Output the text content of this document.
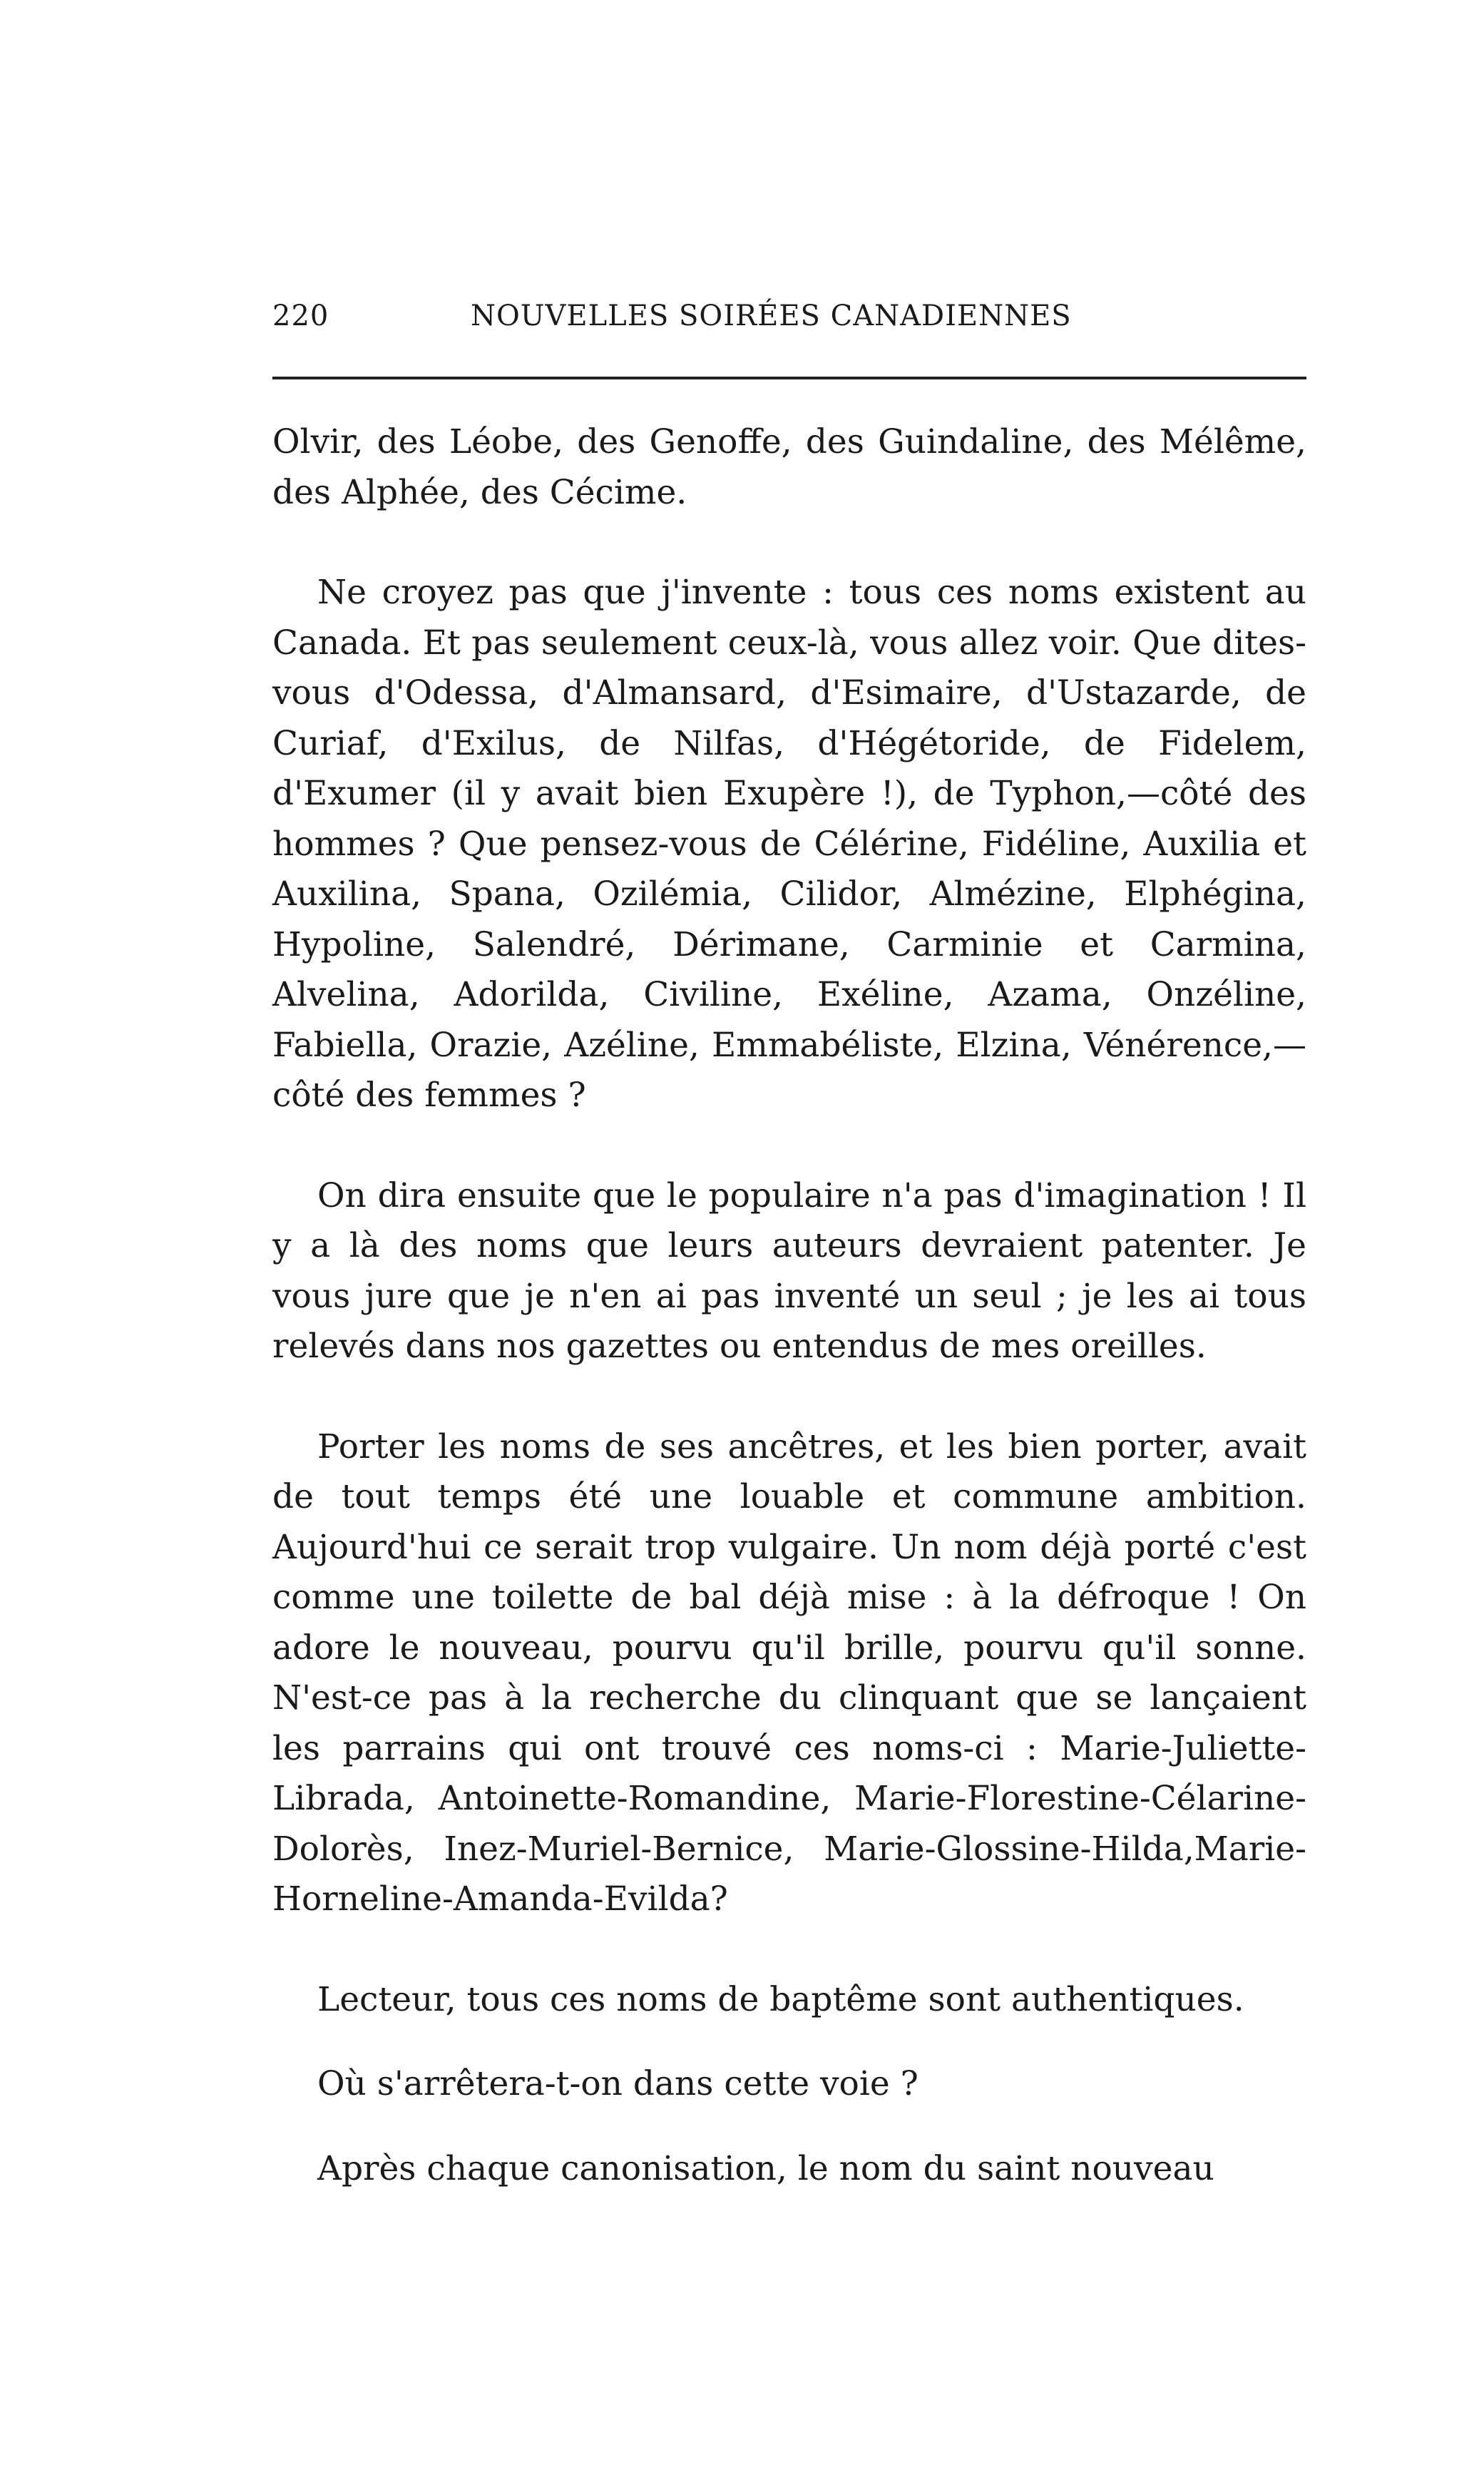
220	NOUVELLES SOIRÉES CANADIENNES

Olvir, des Léobe, des Genoffe, des Guindaline, des Mélême, des Alphée, des Cécime.

Ne croyez pas que j'invente : tous ces noms existent au Canada. Et pas seulement ceux-là, vous allez voir. Que dites-vous d'Odessa, d'Almansard, d'Esimaire, d'Ustazarde, de Curiaf, d'Exilus, de Nilfas, d'Hégétoride, de Fidelem, d'Exumer (il y avait bien Exupère !), de Typhon,—côté des hommes ? Que pensez-vous de Célérine, Fidéline, Auxilia et Auxilina, Spana, Ozilémia, Cilidor, Almézine, Elphégina, Hypoline, Salendré, Dérimane, Carminie et Carmina, Alvelina, Adorilda, Civiline, Exéline, Azama, Onzéline, Fabiella, Orazie, Azéline, Emmabéliste, Elzina, Vénérence,—côté des femmes ?

On dira ensuite que le populaire n'a pas d'imagination ! Il y a là des noms que leurs auteurs devraient patenter. Je vous jure que je n'en ai pas inventé un seul ; je les ai tous relevés dans nos gazettes ou entendus de mes oreilles.

Porter les noms de ses ancêtres, et les bien porter, avait de tout temps été une louable et commune ambition. Aujourd'hui ce serait trop vulgaire. Un nom déjà porté c'est comme une toilette de bal déjà mise : à la défroque ! On adore le nouveau, pourvu qu'il brille, pourvu qu'il sonne. N'est-ce pas à la recherche du clinquant que se lançaient les parrains qui ont trouvé ces noms-ci : Marie-Juliette-Librada, Antoinette-Romandine, Marie-Florestine-Célarine-Dolorès, Inez-Muriel-Bernice, Marie-Glossine-Hilda,Marie-Horneline-Amanda-Evilda?

Lecteur, tous ces noms de baptême sont authentiques.

Où s'arrêtera-t-on dans cette voie ?

Après chaque canonisation, le nom du saint nouveau
